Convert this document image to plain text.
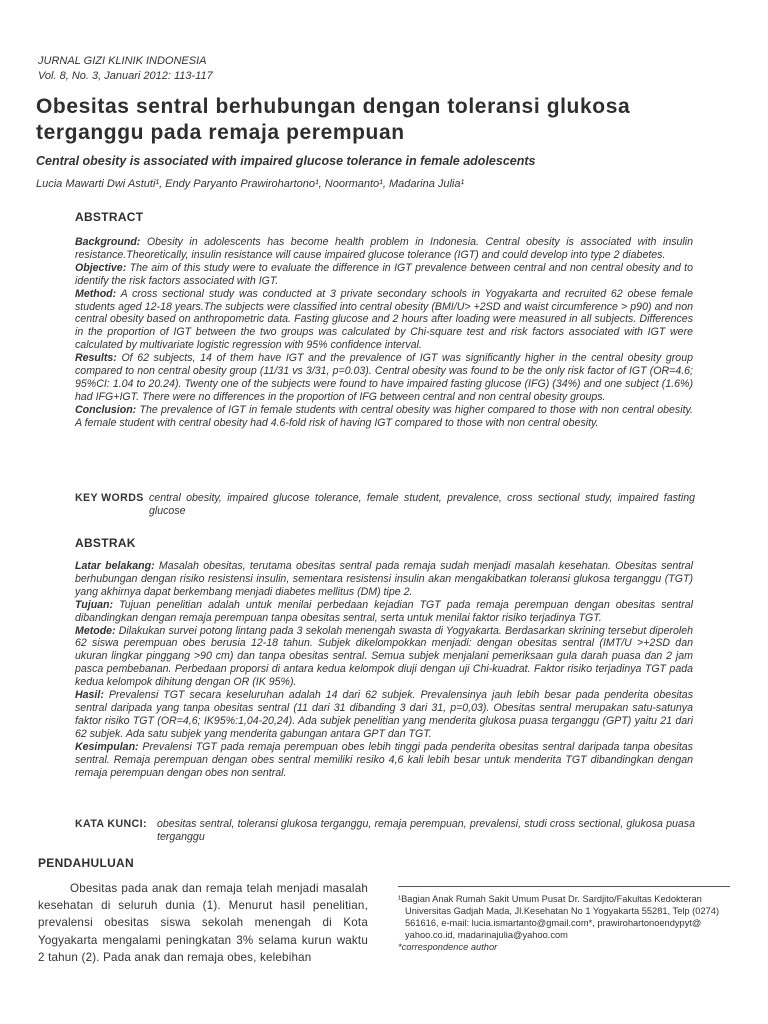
JURNAL GIZI KLINIK INDONESIA
Vol. 8, No. 3, Januari 2012: 113-117
Obesitas sentral berhubungan dengan toleransi glukosa terganggu pada remaja perempuan
Central obesity is associated with impaired glucose tolerance in female adolescents
Lucia Mawarti Dwi Astuti¹, Endy Paryanto Prawirohartono¹, Noormanto¹, Madarina Julia¹
ABSTRACT

Background: Obesity in adolescents has become health problem in Indonesia. Central obesity is associated with insulin resistance.Theoretically, insulin resistance will cause impaired glucose tolerance (IGT) and could develop into type 2 diabetes.

Objective: The aim of this study were to evaluate the difference in IGT prevalence between central and non central obesity and to identify the risk factors associated with IGT.

Method: A cross sectional study was conducted at 3 private secondary schools in Yogyakarta and recruited 62 obese female students aged 12-18 years.The subjects were classified into central obesity (BMI/U> +2SD and waist circumference > p90) and non central obesity based on anthropometric data. Fasting glucose and 2 hours after loading were measured in all subjects. Differences in the proportion of IGT between the two groups was calculated by Chi-square test and risk factors associated with IGT were calculated by multivariate logistic regression with 95% confidence interval.

Results: Of 62 subjects, 14 of them have IGT and the prevalence of IGT was significantly higher in the central obesity group compared to non central obesity group (11/31 vs 3/31, p=0.03). Central obesity was found to be the only risk factor of IGT (OR=4.6; 95%CI: 1.04 to 20.24). Twenty one of the subjects were found to have impaired fasting glucose (IFG) (34%) and one subject (1.6%) had IFG+IGT. There were no differences in the proportion of IFG between central and non central obesity groups.

Conclusion: The prevalence of IGT in female students with central obesity was higher compared to those with non central obesity. A female student with central obesity had 4.6-fold risk of having IGT compared to those with non central obesity.

KEY WORDS central obesity, impaired glucose tolerance, female student, prevalence, cross sectional study, impaired fasting glucose
ABSTRAK

Latar belakang: Masalah obesitas, terutama obesitas sentral pada remaja sudah menjadi masalah kesehatan. Obesitas sentral berhubungan dengan risiko resistensi insulin, sementara resistensi insulin akan mengakibatkan toleransi glukosa terganggu (TGT) yang akhirnya dapat berkembang menjadi diabetes mellitus (DM) tipe 2.

Tujuan: Tujuan penelitian adalah untuk menilai perbedaan kejadian TGT pada remaja perempuan dengan obesitas sentral dibandingkan dengan remaja perempuan tanpa obesitas sentral, serta untuk menilai faktor risiko terjadinya TGT.

Metode: Dilakukan survei potong lintang pada 3 sekolah menengah swasta di Yogyakarta. Berdasarkan skrining tersebut diperoleh 62 siswa perempuan obes berusia 12-18 tahun. Subjek dikelompokkan menjadi: dengan obesitas sentral (IMT/U >+2SD dan ukuran lingkar pinggang >90 cm) dan tanpa obesitas sentral. Semua subjek menjalani pemeriksaan gula darah puasa dan 2 jam pasca pembebanan. Perbedaan proporsi di antara kedua kelompok diuji dengan uji Chi-kuadrat. Faktor risiko terjadinya TGT pada kedua kelompok dihitung dengan OR (IK 95%).

Hasil: Prevalensi TGT secara keseluruhan adalah 14 dari 62 subjek. Prevalensinya jauh lebih besar pada penderita obesitas sentral daripada yang tanpa obesitas sentral (11 dari 31 dibanding 3 dari 31, p=0,03). Obesitas sentral merupakan satu-satunya faktor risiko TGT (OR=4,6; IK95%:1,04-20,24). Ada subjek penelitian yang menderita glukosa puasa terganggu (GPT) yaitu 21 dari 62 subjek. Ada satu subjek yang menderita gabungan antara GPT dan TGT.

Kesimpulan: Prevalensi TGT pada remaja perempuan obes lebih tinggi pada penderita obesitas sentral daripada tanpa obesitas sentral. Remaja perempuan dengan obes sentral memiliki resiko 4,6 kali lebih besar untuk menderita TGT dibandingkan dengan remaja perempuan dengan obes non sentral.

KATA KUNCI: obesitas sentral, toleransi glukosa terganggu, remaja perempuan, prevalensi, studi cross sectional, glukosa puasa terganggu
PENDAHULUAN

Obesitas pada anak dan remaja telah menjadi masalah kesehatan di seluruh dunia (1). Menurut hasil penelitian, prevalensi obesitas siswa sekolah menengah di Kota Yogyakarta mengalami peningkatan 3% selama kurun waktu 2 tahun (2). Pada anak dan remaja obes, kelebihan

¹Bagian Anak Rumah Sakit Umum Pusat Dr. Sardjito/Fakultas Kedokteran Universitas Gadjah Mada, Jl.Kesehatan No 1 Yogyakarta 55281, Telp (0274) 561616, e-mail: lucia.ismartanto@gmail.com*, prawirohartonoendypyt@ yahoo.co.id, madarinajulia@yahoo.com

*correspondence author
